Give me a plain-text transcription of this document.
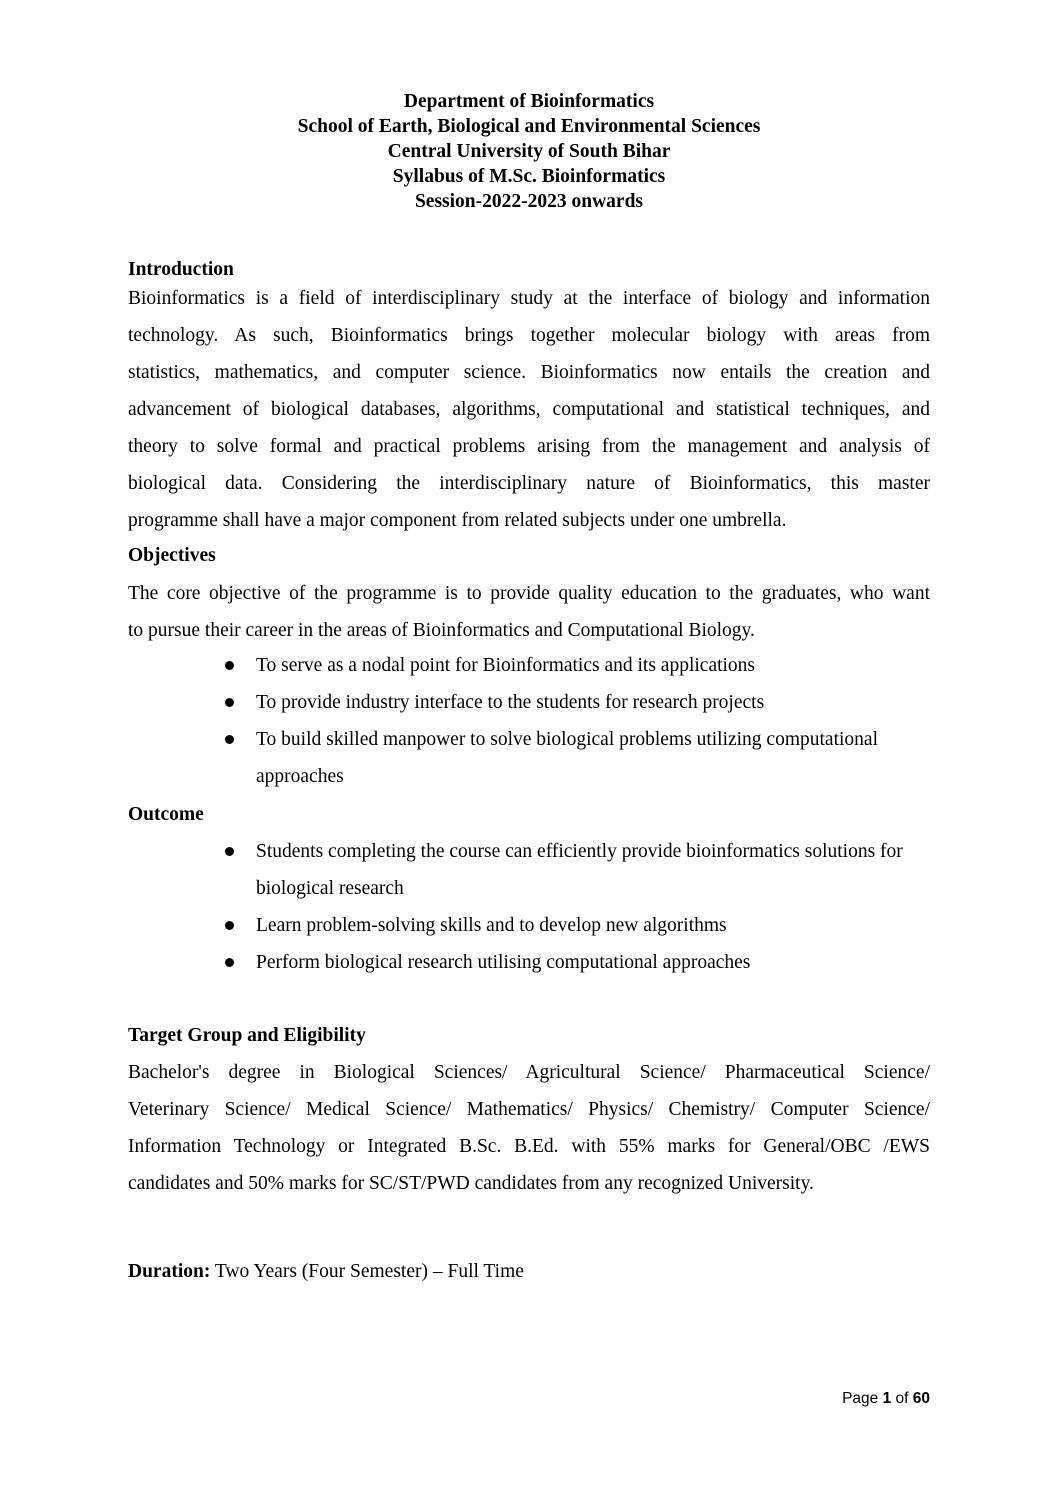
Department of Bioinformatics
School of Earth, Biological and Environmental Sciences
Central University of South Bihar
Syllabus of M.Sc. Bioinformatics
Session-2022-2023 onwards
Introduction
Bioinformatics is a field of interdisciplinary study at the interface of biology and information
technology. As such, Bioinformatics brings together molecular biology with areas from
statistics, mathematics, and computer science. Bioinformatics now entails the creation and
advancement of biological databases, algorithms, computational and statistical techniques, and
theory to solve formal and practical problems arising from the management and analysis of
biological data. Considering the interdisciplinary nature of Bioinformatics, this master
programme shall have a major component from related subjects under one umbrella.
Objectives
The core objective of the programme is to provide quality education to the graduates, who want
to pursue their career in the areas of Bioinformatics and Computational Biology.
To serve as a nodal point for Bioinformatics and its applications
To provide industry interface to the students for research projects
To build skilled manpower to solve biological problems utilizing computational approaches
Outcome
Students completing the course can efficiently provide bioinformatics solutions for biological research
Learn problem-solving skills and to develop new algorithms
Perform biological research utilising computational approaches
Target Group and Eligibility
Bachelor's degree in Biological Sciences/ Agricultural Science/ Pharmaceutical Science/
Veterinary Science/ Medical Science/ Mathematics/ Physics/ Chemistry/ Computer Science/
Information Technology or Integrated B.Sc. B.Ed. with 55% marks for General/OBC /EWS
candidates and 50% marks for SC/ST/PWD candidates from any recognized University.
Duration: Two Years (Four Semester) – Full Time
Page 1 of 60
